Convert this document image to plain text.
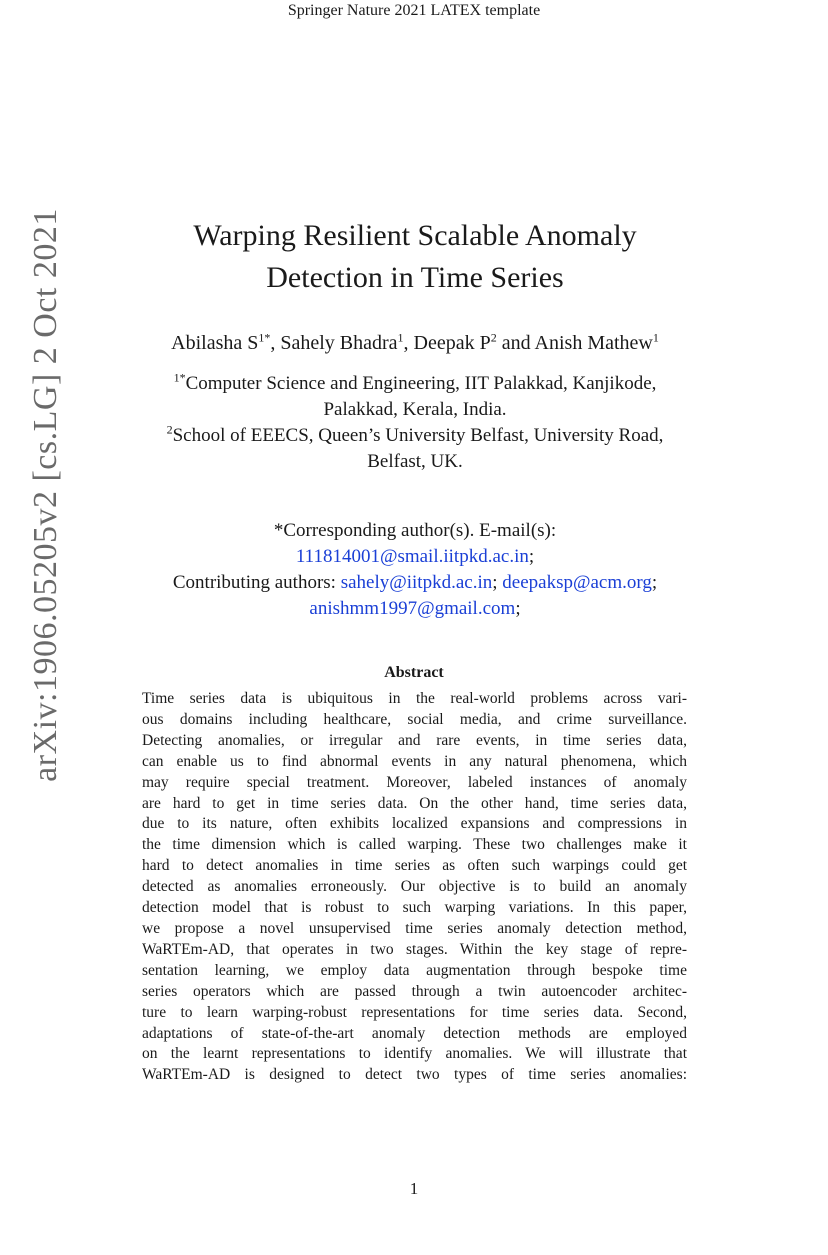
Springer Nature 2021 LATEX template
arXiv:1906.05205v2 [cs.LG] 2 Oct 2021	Warping Resilient Scalable Anomaly
Detection in Time Series
Abilasha $S^{1*}$, Sahely Bhadra$^1$, Deepak $P^2$ and Anish Mathew$^1$
$^{1*}$Computer Science and Engineering, IIT Palakkad, Kanjikode,
Palakkad, Kerala, India.
$^2$School of EEECS, Queen’s University Belfast, University Road,
Belfast, UK.
*Corresponding author(s). E-mail(s):
111814001@smail.iitpkd.ac.in;
Contributing authors: sahely@iitpkd.ac.in; deepaksp@acm.org;
anishmm1997@gmail.com;
Abstract
Time series data is ubiquitous in the real-world problems across vari-
ous domains including healthcare, social media, and crime surveillance.
Detecting anomalies, or irregular and rare events, in time series data,
can enable us to find abnormal events in any natural phenomena, which
may require special treatment. Moreover, labeled instances of anomaly
are hard to get in time series data. On the other hand, time series data,
due to its nature, often exhibits localized expansions and compressions in
the time dimension which is called warping. These two challenges make it
hard to detect anomalies in time series as often such warpings could get
detected as anomalies erroneously. Our objective is to build an anomaly
detection model that is robust to such warping variations. In this paper,
we propose a novel unsupervised time series anomaly detection method,
WaRTEm-AD, that operates in two stages. Within the key stage of repre-
sentation learning, we employ data augmentation through bespoke time
series operators which are passed through a twin autoencoder architec-
ture to learn warping-robust representations for time series data. Second,
adaptations of state-of-the-art anomaly detection methods are employed
on the learnt representations to identify anomalies. We will illustrate that
WaRTEm-AD is designed to detect two types of time series anomalies:
1
